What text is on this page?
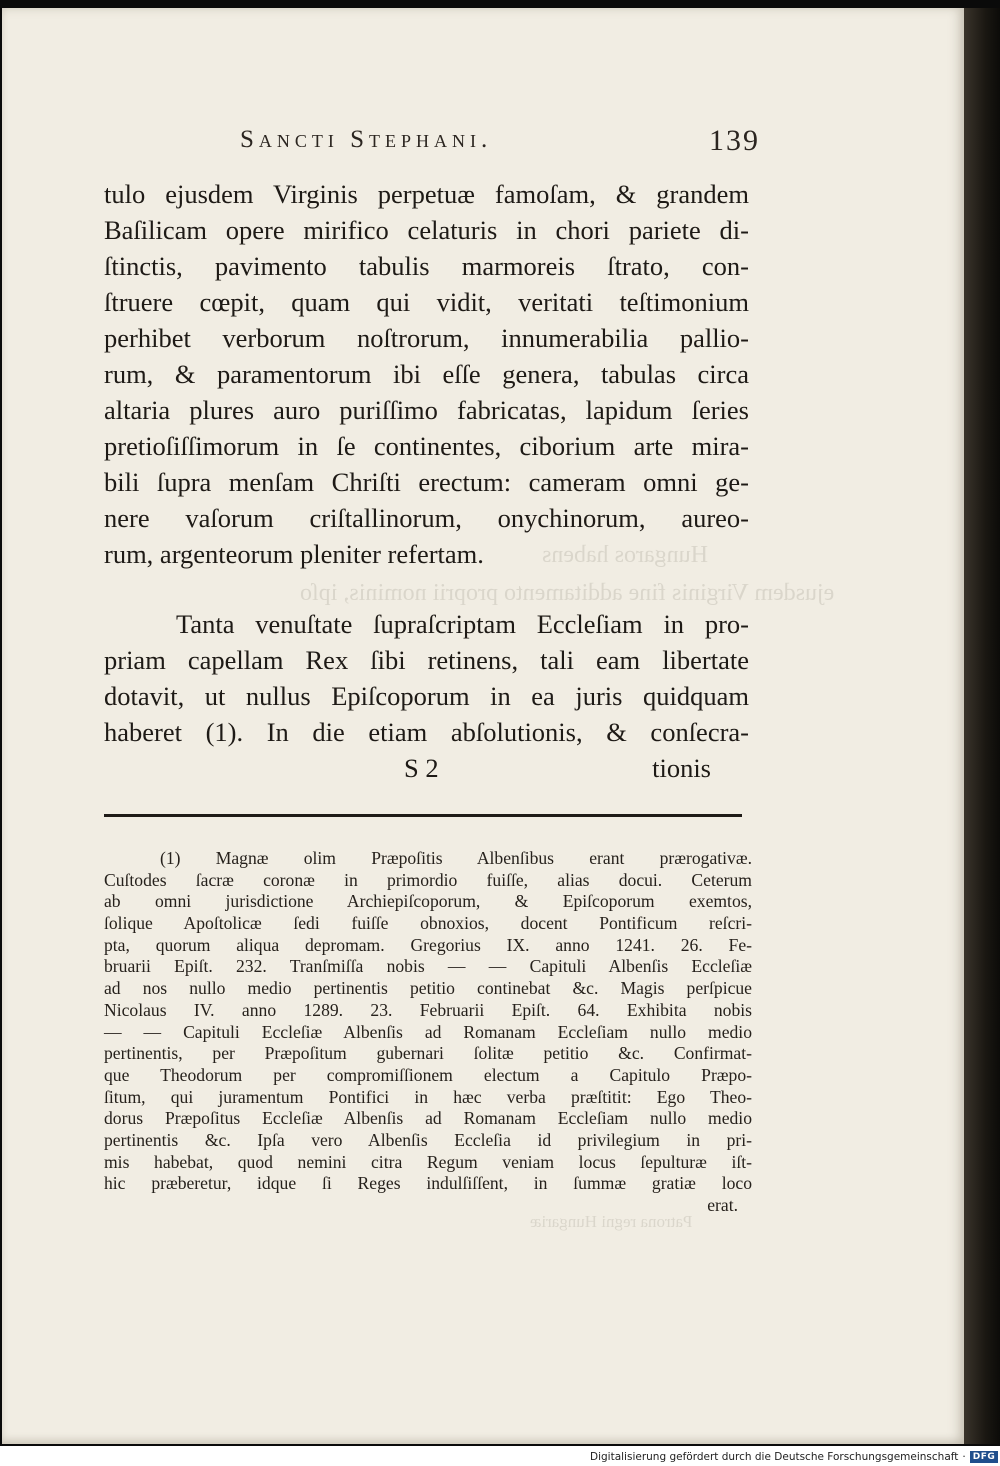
Hungaros habens
ejusdem Virginis fine additamento proprii nominis, ipſo
Patrona regni Hungariæ
Sancti Stephani.	139
tulo ejusdem Virginis perpetuæ famoſam, & grandem
Baſilicam opere mirifico celaturis in chori pariete di-
ſtinctis, pavimento tabulis marmoreis ſtrato, con-
ſtruere cœpit, quam qui vidit, veritati teſtimonium
perhibet verborum noſtrorum, innumerabilia pallio-
rum, & paramentorum ibi eſſe genera, tabulas circa
altaria plures auro puriſſimo fabricatas, lapidum ſeries
pretioſiſſimorum in ſe continentes, ciborium arte mira-
bili ſupra menſam Chriſti erectum: cameram omni ge-
nere vaſorum criſtallinorum, onychinorum, aureo-
rum, argenteorum pleniter refertam.
Tanta venuſtate ſupraſcriptam Eccleſiam in pro-
priam capellam Rex ſibi retinens, tali eam libertate
dotavit, ut nullus Epiſcoporum in ea juris quidquam
haberet (1). In die etiam abſolutionis, & conſecra-
S 2	tionis
(1) Magnæ olim Præpoſitis Albenſibus erant prærogativæ.
Cuſtodes ſacræ coronæ in primordio fuiſſe, alias docui. Ceterum
ab omni jurisdictione Archiepiſcoporum, & Epiſcoporum exemtos,
ſolique Apoſtolicæ ſedi fuiſſe obnoxios, docent Pontificum reſcri-
pta, quorum aliqua depromam. Gregorius IX. anno 1241. 26. Fe-
bruarii Epiſt. 232. Tranſmiſſa nobis — — Capituli Albenſis Eccleſiæ
ad nos nullo medio pertinentis petitio continebat &c. Magis perſpicue
Nicolaus IV. anno 1289. 23. Februarii Epiſt. 64. Exhibita nobis
— — Capituli Eccleſiæ Albenſis ad Romanam Eccleſiam nullo medio
pertinentis, per Præpoſitum gubernari ſolitæ petitio &c. Confirmat-
que Theodorum per compromiſſionem electum a Capitulo Præpo-
ſitum, qui juramentum Pontifici in hæc verba præſtitit: Ego Theo-
dorus Præpoſitus Eccleſiæ Albenſis ad Romanam Eccleſiam nullo medio
pertinentis &c. Ipſa vero Albenſis Eccleſia id privilegium in pri-
mis habebat, quod nemini citra Regum veniam locus ſepulturæ iſt-
hic præberetur, idque ſi Reges indulſiſſent, in ſummæ gratiæ loco
erat.
Digitalisierung gefördert durch die Deutsche Forschungsgemeinschaft · DFG
